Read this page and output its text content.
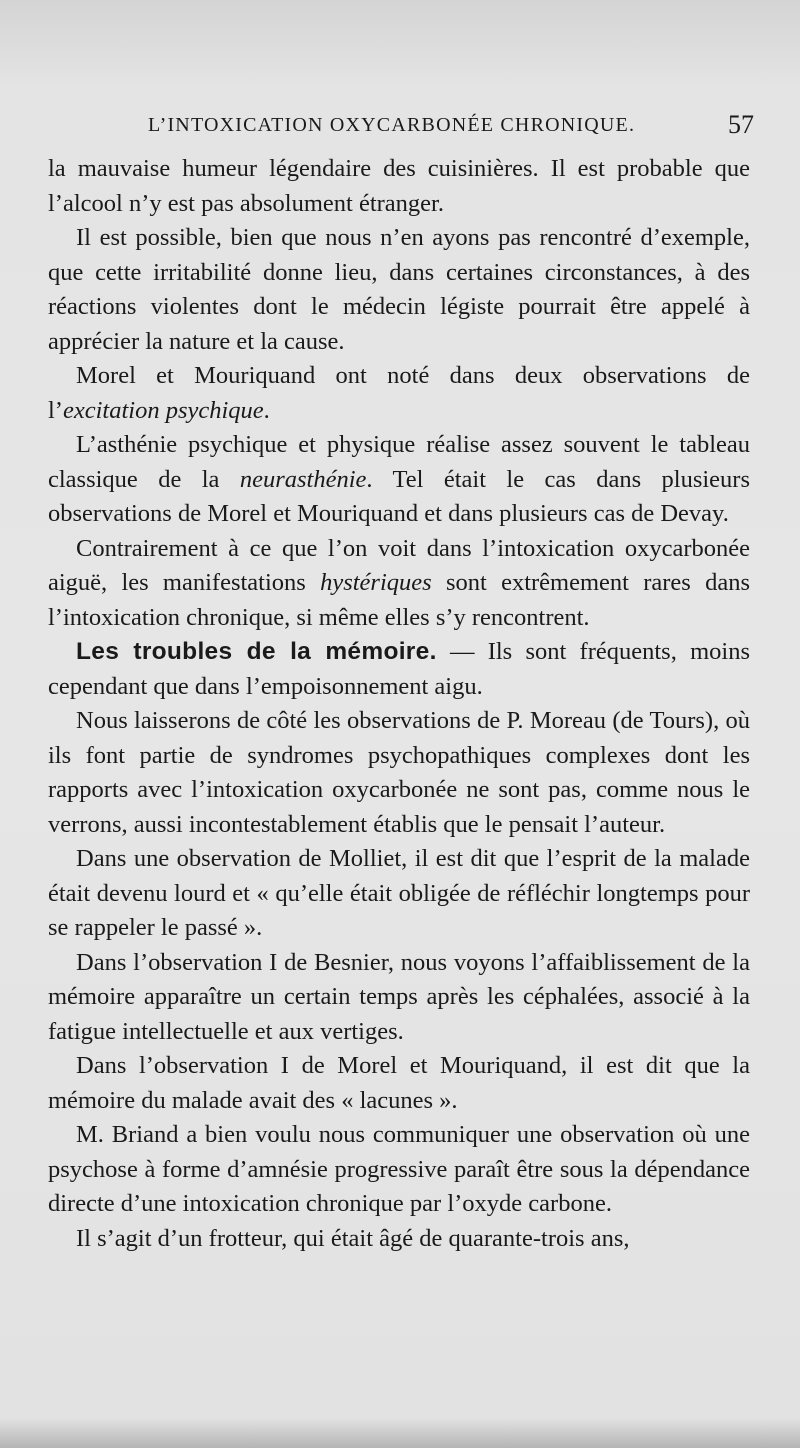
L’INTOXICATION OXYCARBONÉE CHRONIQUE.	57

la mauvaise humeur légendaire des cuisinières. Il est probable que l’alcool n’y est pas absolument étranger.

Il est possible, bien que nous n’en ayons pas rencontré d’exemple, que cette irritabilité donne lieu, dans certaines circonstances, à des réactions violentes dont le médecin légiste pourrait être appelé à apprécier la nature et la cause.

Morel et Mouriquand ont noté dans deux observations de l’excitation psychique.

L’asthénie psychique et physique réalise assez souvent le tableau classique de la neurasthénie. Tel était le cas dans plusieurs observations de Morel et Mouriquand et dans plusieurs cas de Devay.

Contrairement à ce que l’on voit dans l’intoxication oxycarbonée aiguë, les manifestations hystériques sont extrêmement rares dans l’intoxication chronique, si même elles s’y rencontrent.

Les troubles de la mémoire. — Ils sont fréquents, moins cependant que dans l’empoisonnement aigu.

Nous laisserons de côté les observations de P. Moreau (de Tours), où ils font partie de syndromes psychopathiques complexes dont les rapports avec l’intoxication oxycarbonée ne sont pas, comme nous le verrons, aussi incontestablement établis que le pensait l’auteur.

Dans une observation de Molliet, il est dit que l’esprit de la malade était devenu lourd et « qu’elle était obligée de réfléchir longtemps pour se rappeler le passé ».

Dans l’observation I de Besnier, nous voyons l’affaiblissement de la mémoire apparaître un certain temps après les céphalées, associé à la fatigue intellectuelle et aux vertiges.

Dans l’observation I de Morel et Mouriquand, il est dit que la mémoire du malade avait des « lacunes ».

M. Briand a bien voulu nous communiquer une observation où une psychose à forme d’amnésie progressive paraît être sous la dépendance directe d’une intoxication chronique par l’oxyde carbone.

Il s’agit d’un frotteur, qui était âgé de quarante-trois ans,
